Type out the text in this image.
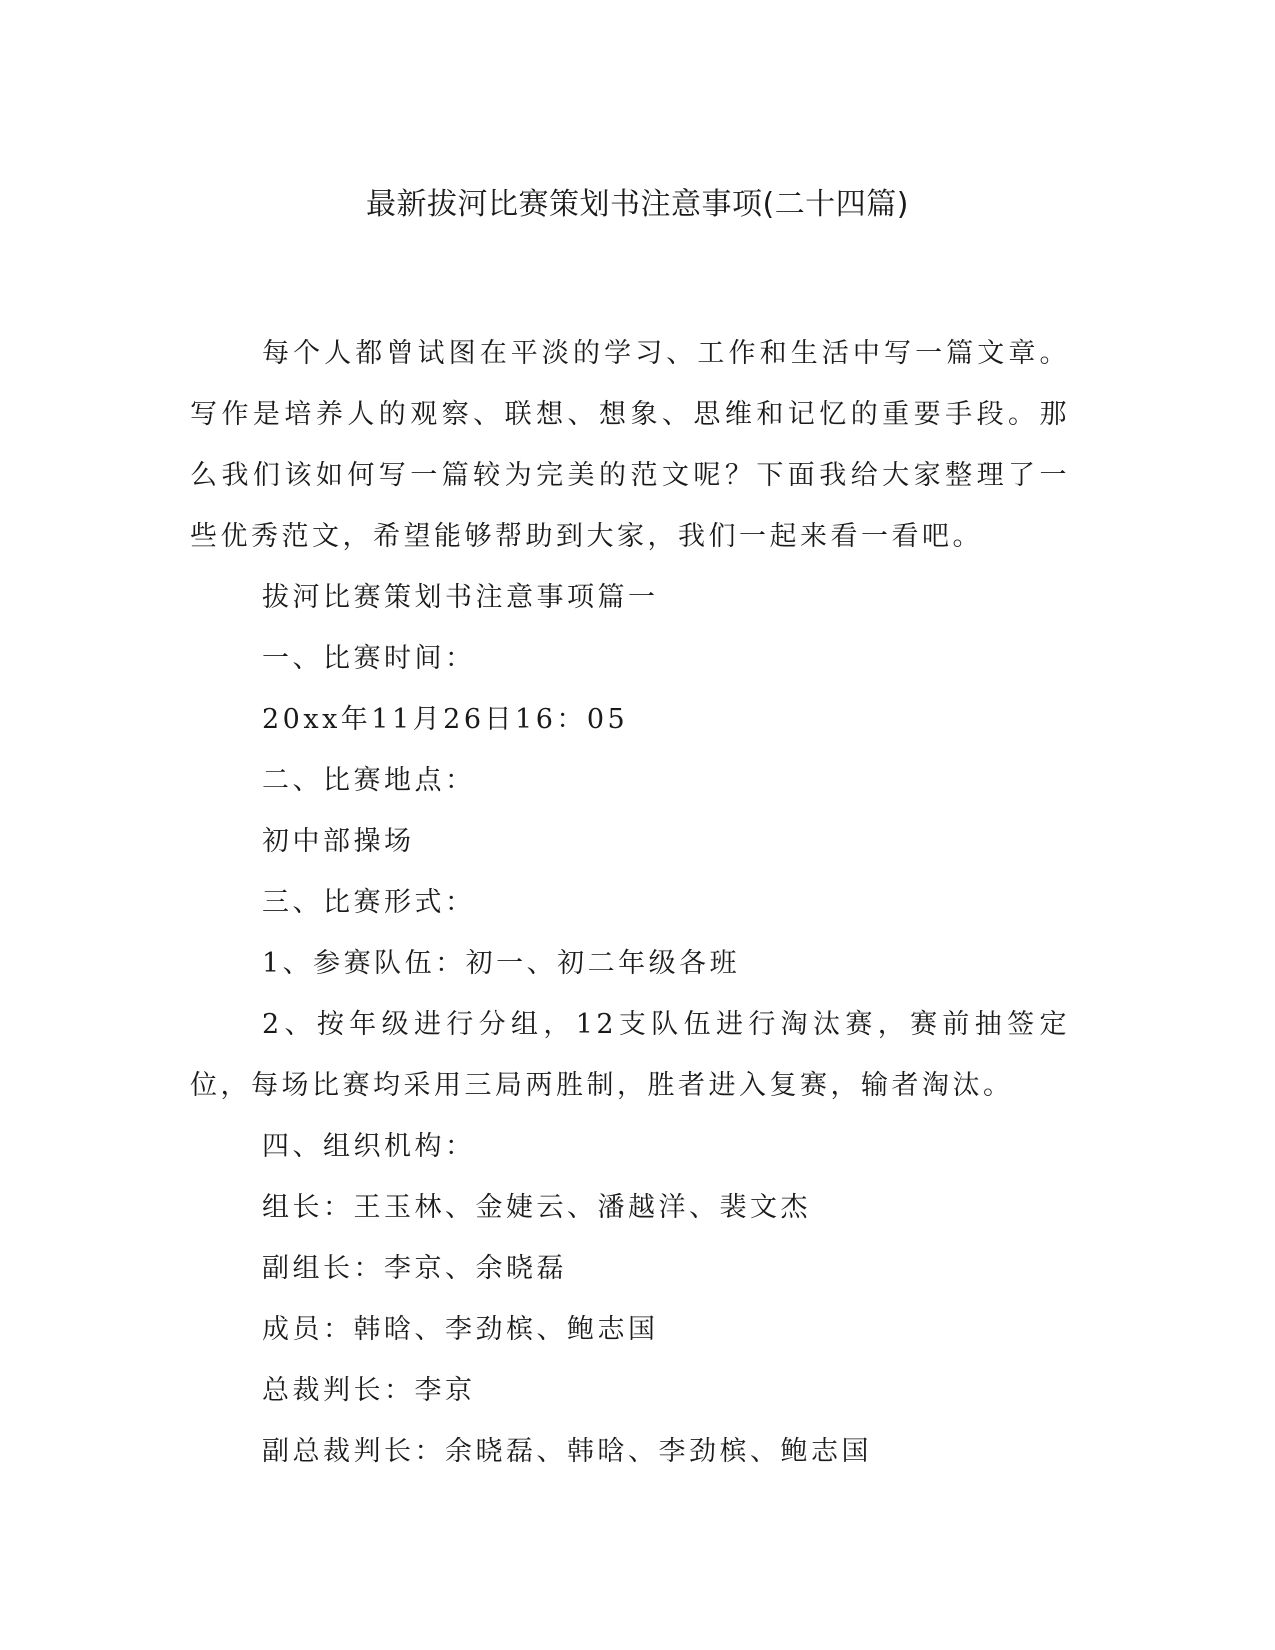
最新拔河比赛策划书注意事项(二十四篇)

每个人都曾试图在平淡的学习、工作和生活中写一篇文章。写作是培养人的观察、联想、想象、思维和记忆的重要手段。那么我们该如何写一篇较为完美的范文呢？下面我给大家整理了一些优秀范文，希望能够帮助到大家，我们一起来看一看吧。

拔河比赛策划书注意事项篇一

一、比赛时间：

20xx年11月26日16：05

二、比赛地点：

初中部操场

三、比赛形式：

1、参赛队伍：初一、初二年级各班

2、按年级进行分组，12支队伍进行淘汰赛，赛前抽签定位，每场比赛均采用三局两胜制，胜者进入复赛，输者淘汰。

四、组织机构：

组长：王玉林、金婕云、潘越洋、裴文杰

副组长：李京、余晓磊

成员：韩晗、李劲槟、鲍志国

总裁判长：李京

副总裁判长：余晓磊、韩晗、李劲槟、鲍志国
